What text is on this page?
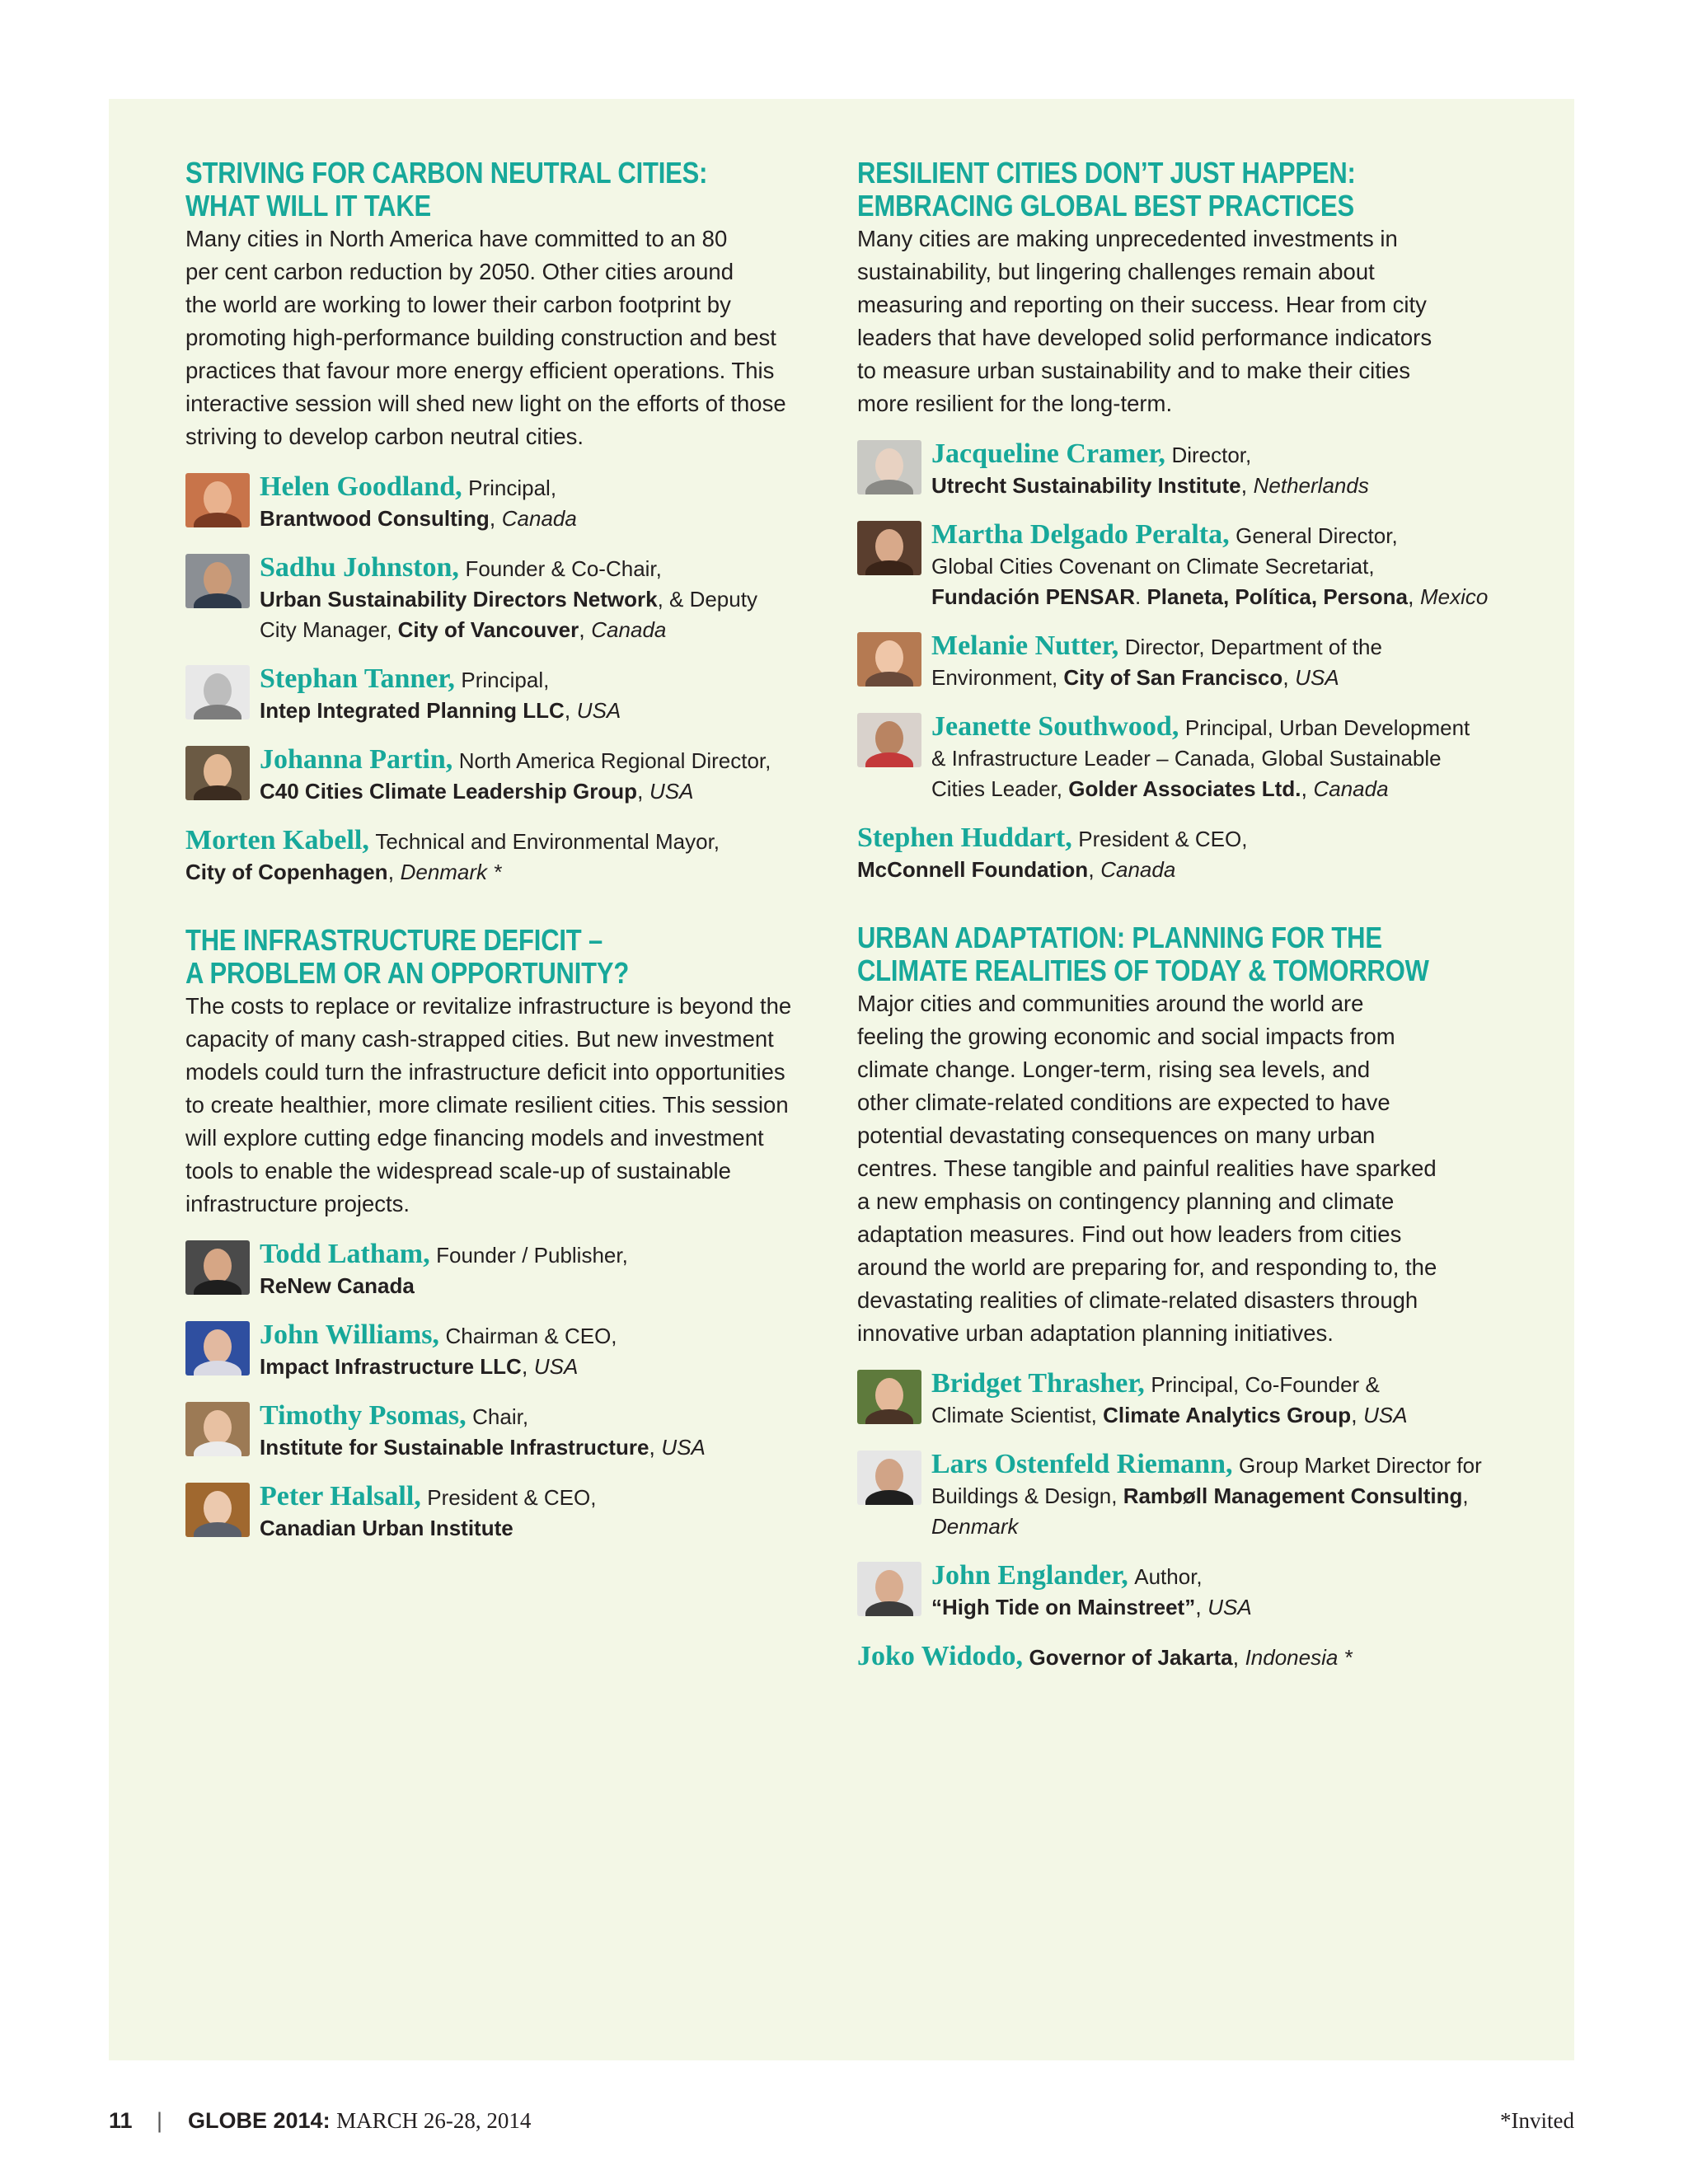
STRIVING FOR CARBON NEUTRAL CITIES:
WHAT WILL IT TAKE

Many cities in North America have committed to an 80
per cent carbon reduction by 2050. Other cities around
the world are working to lower their carbon footprint by
promoting high-performance building construction and best
practices that favour more energy efficient operations. This
interactive session will shed new light on the efforts of those
striving to develop carbon neutral cities.

Helen Goodland, Principal,
Brantwood Consulting, Canada
Sadhu Johnston, Founder & Co-Chair,
Urban Sustainability Directors Network, & Deputy
City Manager, City of Vancouver, Canada
Stephan Tanner, Principal,
Intep Integrated Planning LLC, USA
Johanna Partin, North America Regional Director,
C40 Cities Climate Leadership Group, USA
Morten Kabell, Technical and Environmental Mayor,
City of Copenhagen, Denmark *
THE INFRASTRUCTURE DEFICIT –
A PROBLEM OR AN OPPORTUNITY?

The costs to replace or revitalize infrastructure is beyond the
capacity of many cash-strapped cities. But new investment
models could turn the infrastructure deficit into opportunities
to create healthier, more climate resilient cities. This session
will explore cutting edge financing models and investment
tools to enable the widespread scale-up of sustainable
infrastructure projects.

Todd Latham, Founder / Publisher,
ReNew Canada
John Williams, Chairman & CEO,
Impact Infrastructure LLC, USA
Timothy Psomas, Chair,
Institute for Sustainable Infrastructure, USA
Peter Halsall, President & CEO,
Canadian Urban Institute
RESILIENT CITIES DON’T JUST HAPPEN:
EMBRACING GLOBAL BEST PRACTICES

Many cities are making unprecedented investments in
sustainability, but lingering challenges remain about
measuring and reporting on their success. Hear from city
leaders that have developed solid performance indicators
to measure urban sustainability and to make their cities
more resilient for the long-term.

Jacqueline Cramer, Director,
Utrecht Sustainability Institute, Netherlands
Martha Delgado Peralta, General Director,
Global Cities Covenant on Climate Secretariat,
Fundación PENSAR. Planeta, Política, Persona, Mexico
Melanie Nutter, Director, Department of the
Environment, City of San Francisco, USA
Jeanette Southwood, Principal, Urban Development
& Infrastructure Leader – Canada, Global Sustainable
Cities Leader, Golder Associates Ltd., Canada
Stephen Huddart, President & CEO,
McConnell Foundation, Canada
URBAN ADAPTATION: PLANNING FOR THE
CLIMATE REALITIES OF TODAY & TOMORROW

Major cities and communities around the world are
feeling the growing economic and social impacts from
climate change. Longer-term, rising sea levels, and
other climate-related conditions are expected to have
potential devastating consequences on many urban
centres. These tangible and painful realities have sparked
a new emphasis on contingency planning and climate
adaptation measures. Find out how leaders from cities
around the world are preparing for, and responding to, the
devastating realities of climate-related disasters through
innovative urban adaptation planning initiatives.

Bridget Thrasher, Principal, Co-Founder &
Climate Scientist, Climate Analytics Group, USA
Lars Ostenfeld Riemann, Group Market Director for
Buildings & Design, Rambøll Management Consulting,
Denmark
John Englander, Author,
“High Tide on Mainstreet”, USA
Joko Widodo, Governor of Jakarta, Indonesia *
11 | GLOBE 2014: MARCH 26-28, 2014	*Invited
